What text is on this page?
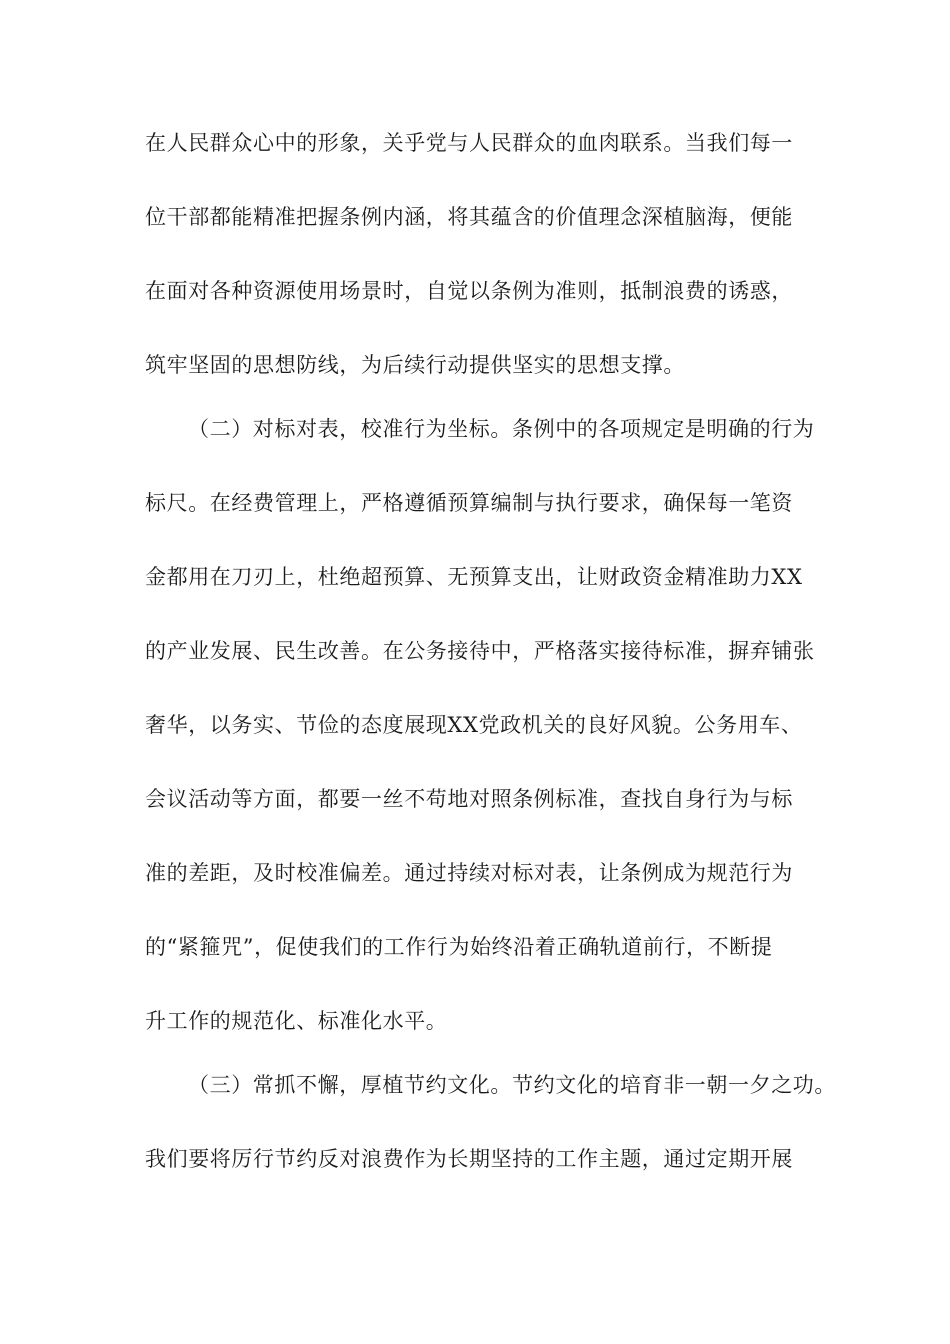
在人民群众心中的形象，关乎党与人民群众的血肉联系。当我们每一
位干部都能精准把握条例内涵，将其蕴含的价值理念深植脑海，便能
在面对各种资源使用场景时，自觉以条例为准则，抵制浪费的诱惑，
筑牢坚固的思想防线，为后续行动提供坚实的思想支撑。
（二）对标对表，校准行为坐标。条例中的各项规定是明确的行为
标尺。在经费管理上，严格遵循预算编制与执行要求，确保每一笔资
金都用在刀刃上，杜绝超预算、无预算支出，让财政资金精准助力XX
的产业发展、民生改善。在公务接待中，严格落实接待标准，摒弃铺张
奢华，以务实、节俭的态度展现XX党政机关的良好风貌。公务用车、
会议活动等方面，都要一丝不苟地对照条例标准，查找自身行为与标
准的差距，及时校准偏差。通过持续对标对表，让条例成为规范行为
的“紧箍咒”，促使我们的工作行为始终沿着正确轨道前行，不断提
升工作的规范化、标准化水平。
（三）常抓不懈，厚植节约文化。节约文化的培育非一朝一夕之功。
我们要将厉行节约反对浪费作为长期坚持的工作主题，通过定期开展
